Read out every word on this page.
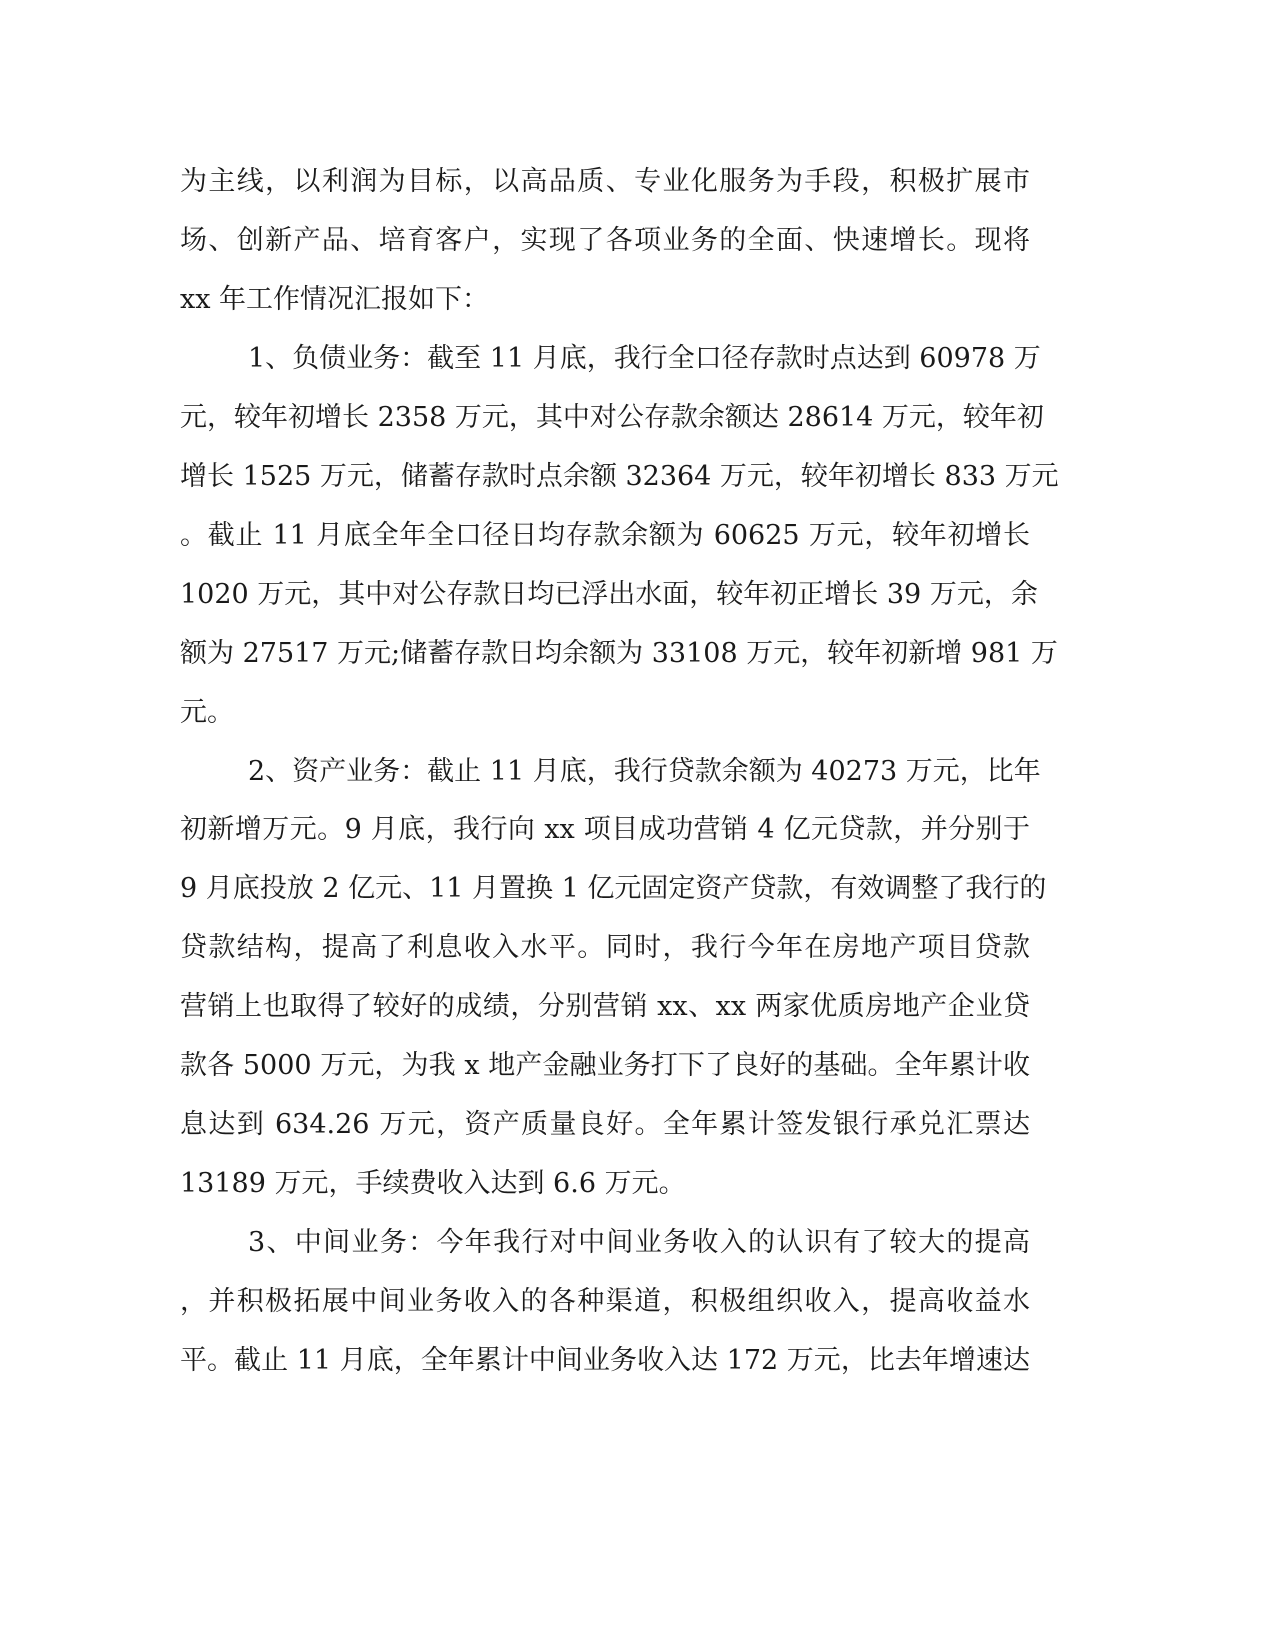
为主线，以利润为目标，以高品质、专业化服务为手段，积极扩展市
场、创新产品、培育客户，实现了各项业务的全面、快速增长。现将
xx 年工作情况汇报如下：
1、负债业务：截至 11 月底，我行全口径存款时点达到 60978 万
元，较年初增长 2358 万元，其中对公存款余额达 28614 万元，较年初
增长 1525 万元，储蓄存款时点余额 32364 万元，较年初增长 833 万元
。截止 11 月底全年全口径日均存款余额为 60625 万元，较年初增长
1020 万元，其中对公存款日均已浮出水面，较年初正增长 39 万元，余
额为 27517 万元;储蓄存款日均余额为 33108 万元，较年初新增 981 万
元。
2、资产业务：截止 11 月底，我行贷款余额为 40273 万元，比年
初新增万元。9 月底，我行向 xx 项目成功营销 4 亿元贷款，并分别于
9 月底投放 2 亿元、11 月置换 1 亿元固定资产贷款，有效调整了我行的
贷款结构，提高了利息收入水平。同时，我行今年在房地产项目贷款
营销上也取得了较好的成绩，分别营销 xx、xx 两家优质房地产企业贷
款各 5000 万元，为我 x 地产金融业务打下了良好的基础。全年累计收
息达到 634.26 万元，资产质量良好。全年累计签发银行承兑汇票达
13189 万元，手续费收入达到 6.6 万元。
3、中间业务：今年我行对中间业务收入的认识有了较大的提高
，并积极拓展中间业务收入的各种渠道，积极组织收入，提高收益水
平。截止 11 月底，全年累计中间业务收入达 172 万元，比去年增速达
